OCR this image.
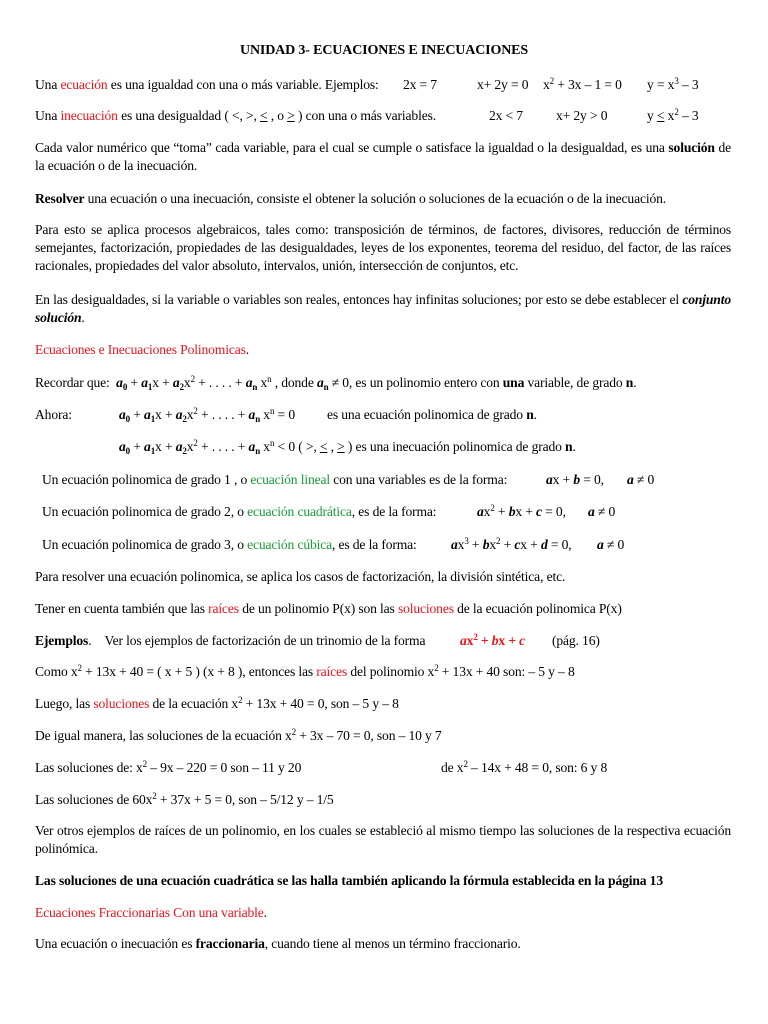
UNIDAD 3- ECUACIONES E INECUACIONES
Una ecuación es una igualdad con una o más variable. Ejemplos: 2x = 7	x+ 2y = 0 $x^2 + 3x - 1 = 0$ $y = x^3 - 3$
Una inecuación es una desigualdad ( <, >, < , o > ) con una o más variables.	2x < 7 x+ 2y > 0	$y < x^2 - 3$
Cada valor numérico que “toma” cada variable, para el cual se cumple o satisface la igualdad o la desigualdad, es una solución de la ecuación o de la inecuación.
Resolver una ecuación o una inecuación, consiste el obtener la solución o soluciones de la ecuación o de la inecuación.
Para esto se aplica procesos algebraicos, tales como: transposición de términos, de factores, divisores, reducción de términos semejantes, factorización, propiedades de las desigualdades, leyes de los exponentes, teorema del residuo, del factor, de las raíces racionales, propiedades del valor absoluto, intervalos, unión, intersección de conjuntos, etc.
En las desigualdades, si la variable o variables son reales, entonces hay infinitas soluciones; por esto se debe establecer el conjunto solución.
Ecuaciones e Inecuaciones Polinomicas.
Recordar que: $a_0 + a_1x + a_2x^2$ + . . . . + $a_n$ $x^n$ , donde $a_n \ne 0$, es un polinomio entero con una variable, de grado n.
Ahora:	$a_0 + a_1x + a_2x^2$ + . . . . + $a_n$ $x^n = 0$ es una ecuación polinomica de grado n.
$a_0 + a_1x + a_2x^2$ + . . . . + $a_n$ $x^n < 0$ ( >, < , > ) es una inecuación polinomica de grado n.
Un ecuación polinomica de grado 1 , o ecuación lineal con una variables es de la forma:	ax + b = 0, a ≠ 0
Un ecuación polinomica de grado 2, o ecuación cuadrática, es de la forma:	$ax^2$ + bx + c = 0, a ≠ 0
Un ecuación polinomica de grado 3, o ecuación cúbica, es de la forma:	$ax^3 + bx^2$ + cx + d = 0, a ≠ 0
Para resolver una ecuación polinomica, se aplica los casos de factorización, la división sintética, etc.
Tener en cuenta también que las raíces de un polinomio P(x) son las soluciones de la ecuación polinomica P(x)
Ejemplos. Ver los ejemplos de factorización de un trinomio de la forma	$ax^2$ + bx + c (pág. 16)
Como $x^2 + 13x + 40$ = ( x + 5 ) (x + 8 ), entonces las raíces del polinomio $x^2 + 13x + 40$ son: – 5 y – 8
Luego, las soluciones de la ecuación $x^2 + 13x + 40 = 0$, son – 5 y – 8
De igual manera, las soluciones de la ecuación $x^2 + 3x - 70 = 0$, son – 10 y 7
Las soluciones de: $x^2 - 9x - 220 = 0$ son – 11 y 20	de $x^2 - 14x + 48 = 0$, son: 6 y 8
Las soluciones de $60x^2 + 37x + 5 = 0$, son – 5/12 y – 1/5
Ver otros ejemplos de raíces de un polinomio, en los cuales se estableció al mismo tiempo las soluciones de la respectiva ecuación polinómica.
Las soluciones de una ecuación cuadrática se las halla también aplicando la fórmula establecida en la página 13
Ecuaciones Fraccionarias Con una variable.
Una ecuación o inecuación es fraccionaria, cuando tiene al menos un término fraccionario.
